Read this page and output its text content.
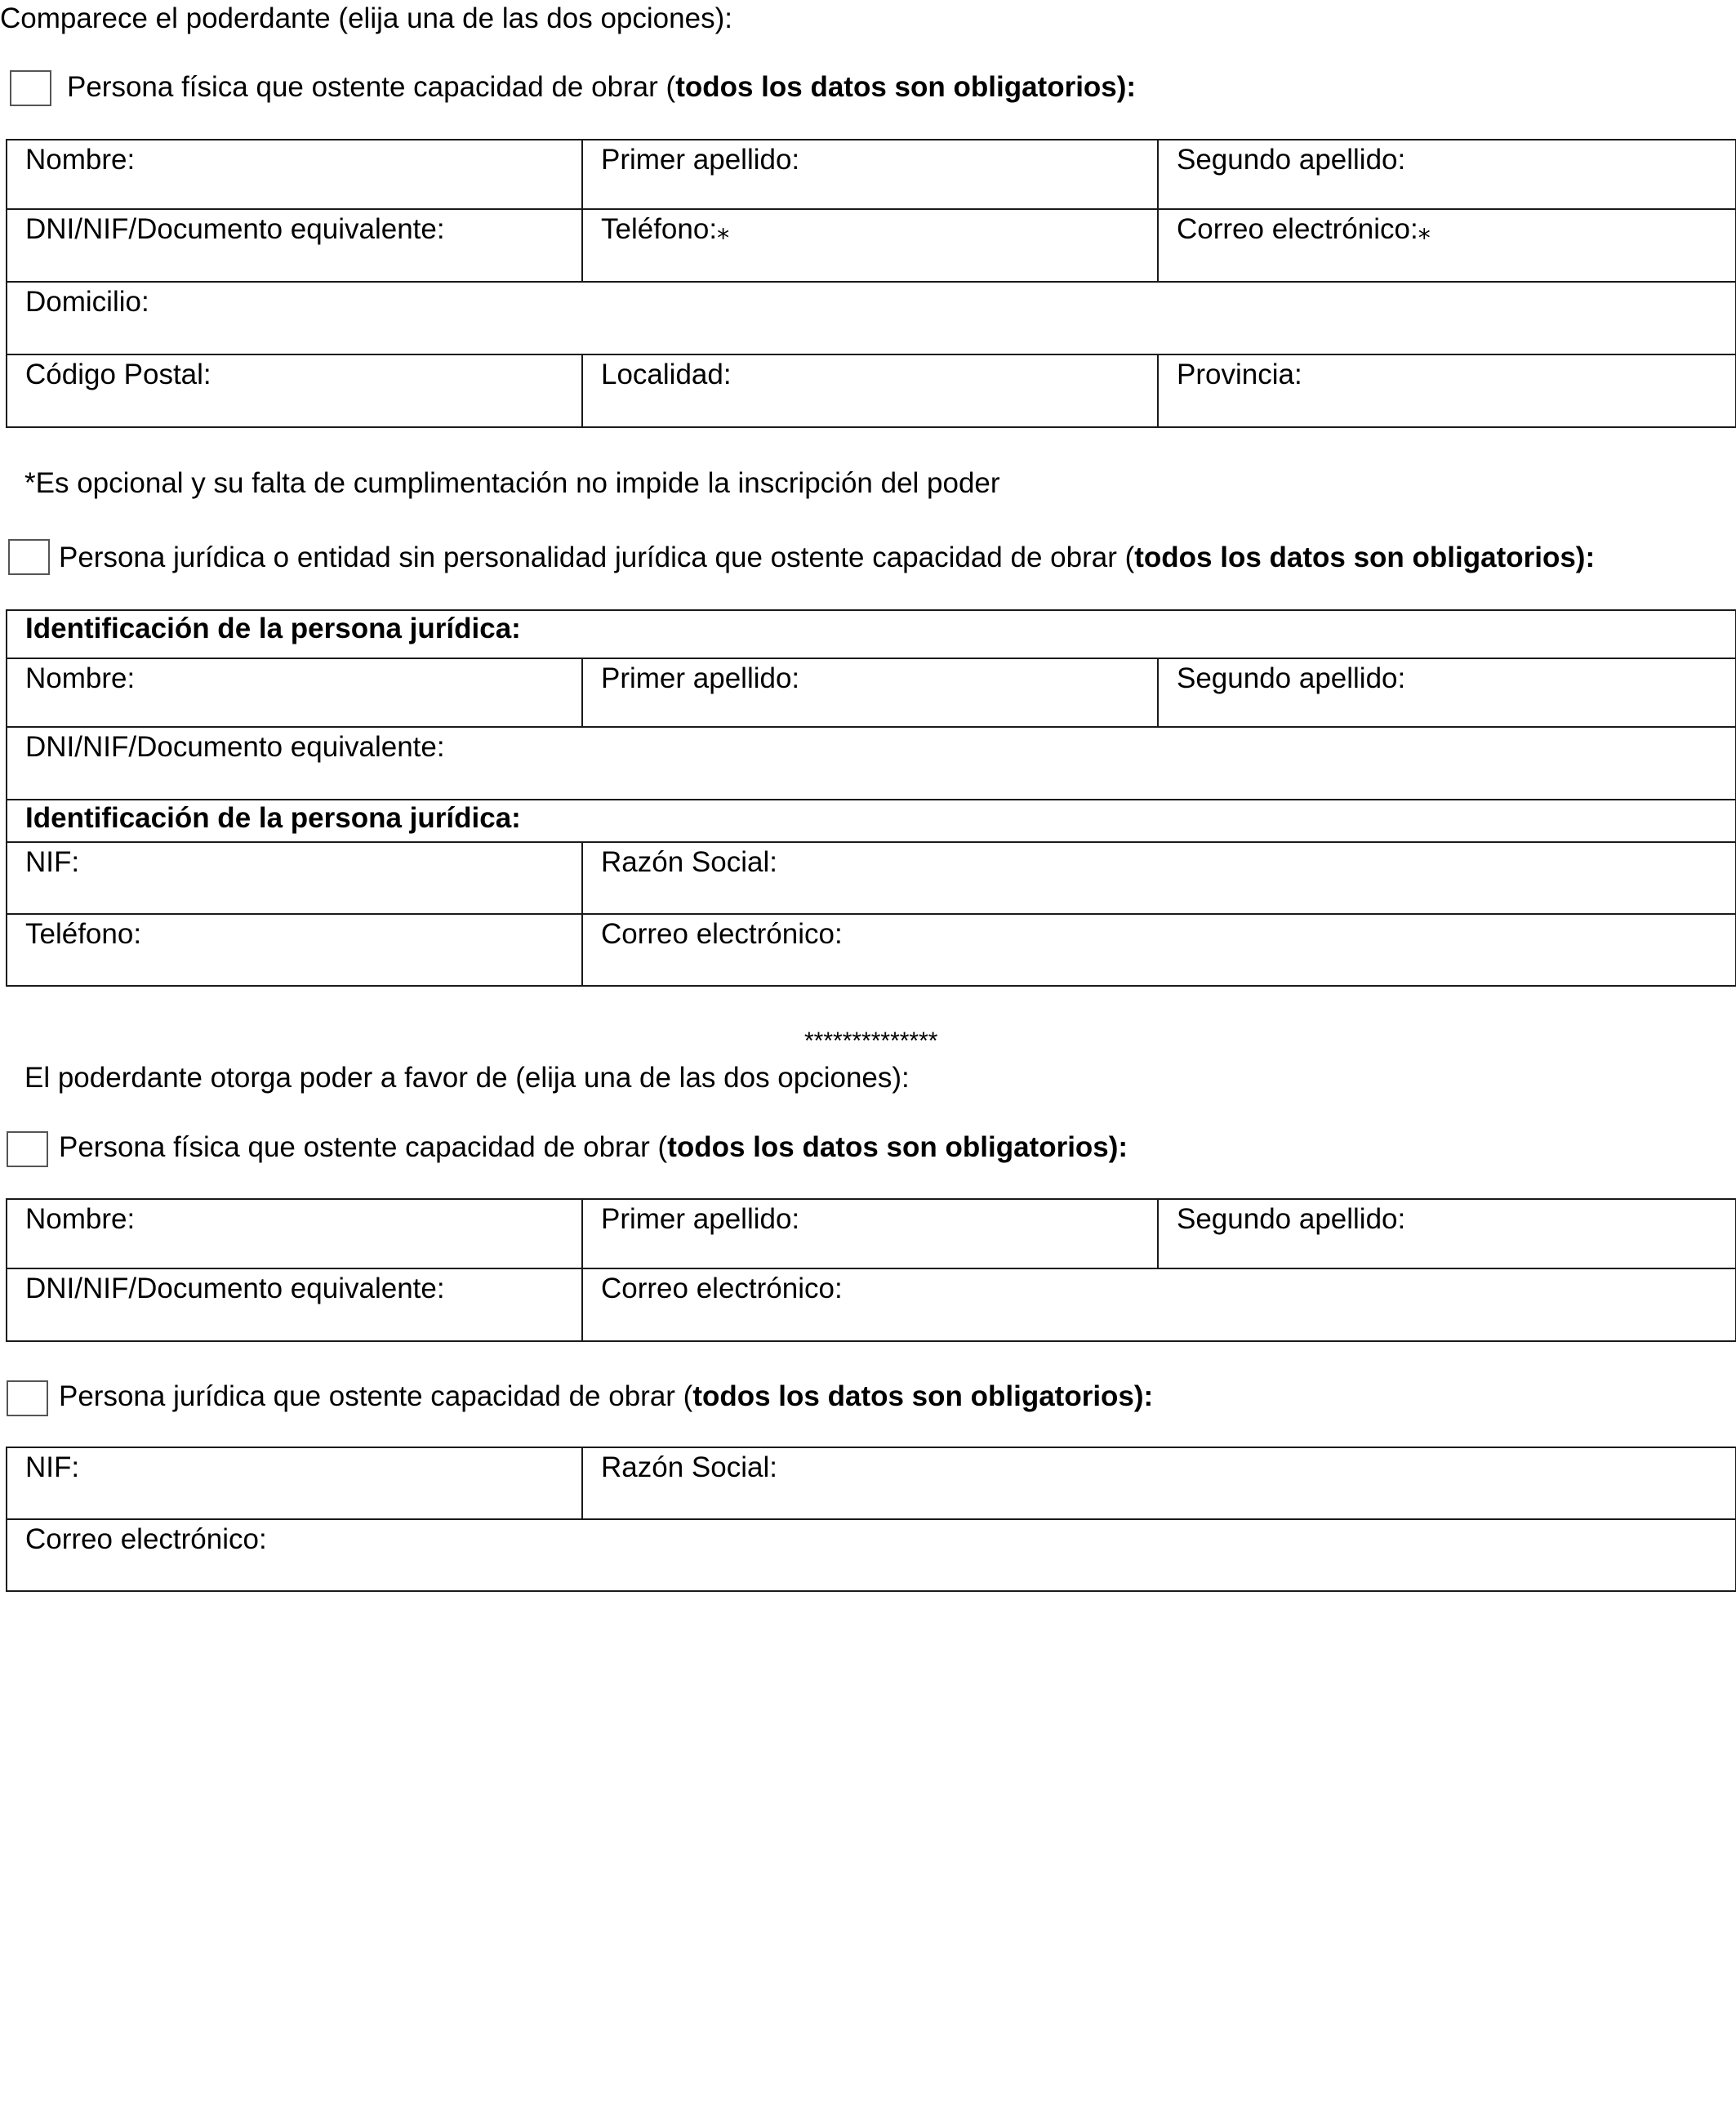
Comparece el poderdante (elija una de las dos opciones):
Persona física que ostente capacidad de obrar (todos los datos son obligatorios):
Nombre:	Primer apellido:	Segundo apellido:
DNI/NIF/Documento equivalente:	Teléfono:⁎	Correo electrónico:⁎
Domicilio:		
Código Postal:	Localidad:	Provincia:
*Es opcional y su falta de cumplimentación no impide la inscripción del poder
Persona jurídica o entidad sin personalidad jurídica que ostente capacidad de obrar (todos los datos son obligatorios):
Identificación de la persona jurídica:		
Nombre:	Primer apellido:	Segundo apellido:
DNI/NIF/Documento equivalente:		
Identificación de la persona jurídica:		
NIF:	Razón Social:	
Teléfono:	Correo electrónico:	
**************
El poderdante otorga poder a favor de (elija una de las dos opciones):
Persona física que ostente capacidad de obrar (todos los datos son obligatorios):
Nombre:	Primer apellido:	Segundo apellido:
DNI/NIF/Documento equivalente:	Correo electrónico:	
Persona jurídica que ostente capacidad de obrar (todos los datos son obligatorios):
NIF:	Razón Social:
Correo electrónico:
